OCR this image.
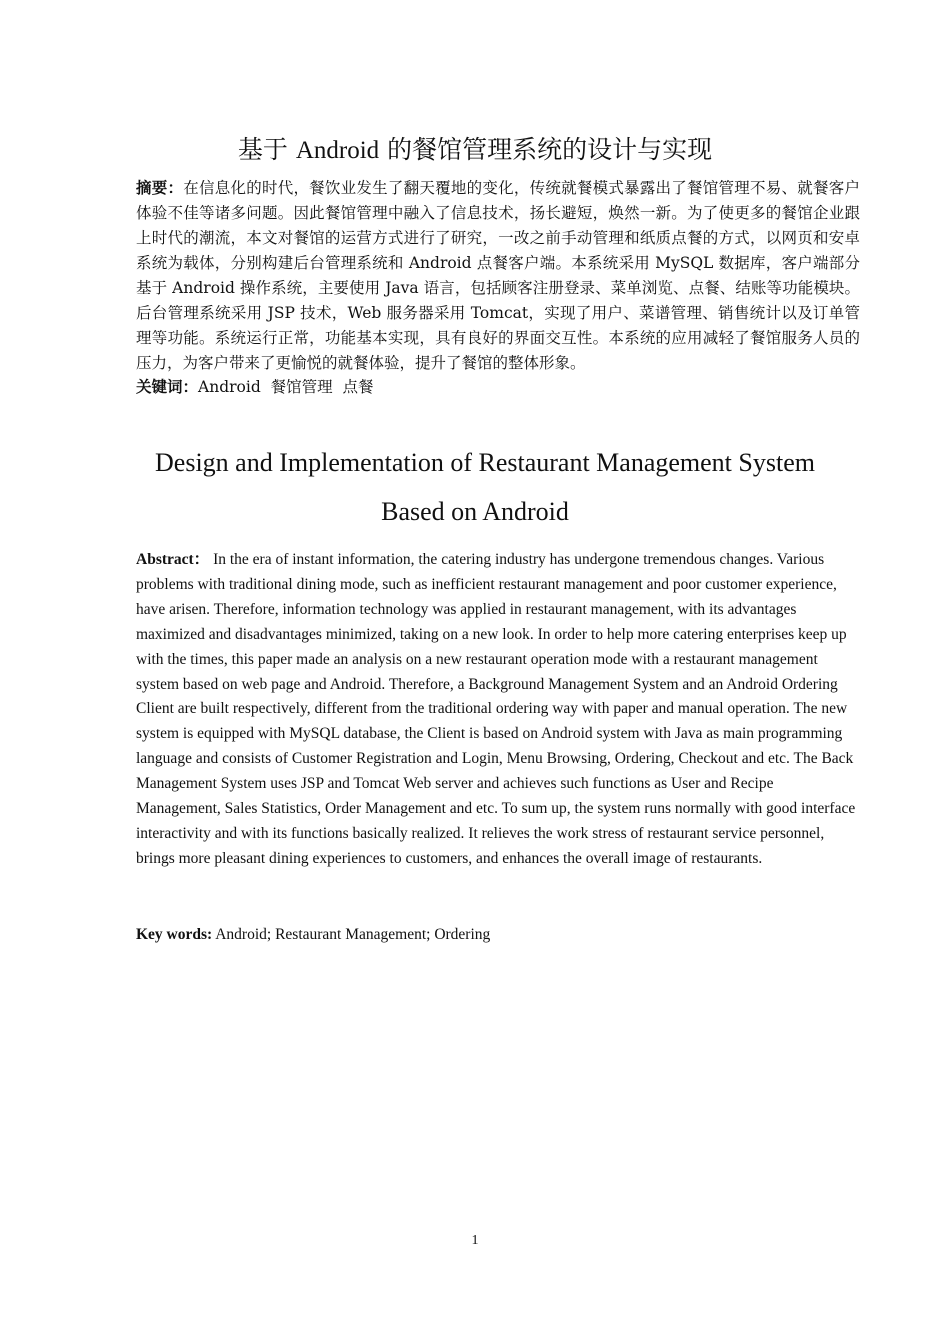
基于 Android 的餐馆管理系统的设计与实现
摘要：在信息化的时代，餐饮业发生了翻天覆地的变化，传统就餐模式暴露出了餐馆管理不易、就餐客户体验不佳等诸多问题。因此餐馆管理中融入了信息技术，扬长避短，焕然一新。为了使更多的餐馆企业跟上时代的潮流，本文对餐馆的运营方式进行了研究，一改之前手动管理和纸质点餐的方式，以网页和安卓系统为载体，分别构建后台管理系统和 Android 点餐客户端。本系统采用 MySQL 数据库，客户端部分基于 Android 操作系统，主要使用 Java 语言，包括顾客注册登录、菜单浏览、点餐、结账等功能模块。后台管理系统采用 JSP 技术，Web 服务器采用 Tomcat，实现了用户、菜谱管理、销售统计以及订单管理等功能。系统运行正常，功能基本实现，具有良好的界面交互性。本系统的应用减轻了餐馆服务人员的压力，为客户带来了更愉悦的就餐体验，提升了餐馆的整体形象。
关键词：Android  餐馆管理  点餐
Design and Implementation of Restaurant Management System
Based on Android
Abstract： In the era of instant information, the catering industry has undergone tremendous changes. Various problems with traditional dining mode, such as inefficient restaurant management and poor customer experience, have arisen. Therefore, information technology was applied in restaurant management, with its advantages maximized and disadvantages minimized, taking on a new look. In order to help more catering enterprises keep up with the times, this paper made an analysis on a new restaurant operation mode with a restaurant management system based on web page and Android. Therefore, a Background Management System and an Android Ordering Client are built respectively, different from the traditional ordering way with paper and manual operation. The new system is equipped with MySQL database, the Client is based on Android system with Java as main programming language and consists of Customer Registration and Login, Menu Browsing, Ordering, Checkout and etc. The Back Management System uses JSP and Tomcat Web server and achieves such functions as User and Recipe Management, Sales Statistics, Order Management and etc. To sum up, the system runs normally with good interface interactivity and with its functions basically realized. It relieves the work stress of restaurant service personnel, brings more pleasant dining experiences to customers, and enhances the overall image of restaurants.
Key words: Android; Restaurant Management; Ordering
1
